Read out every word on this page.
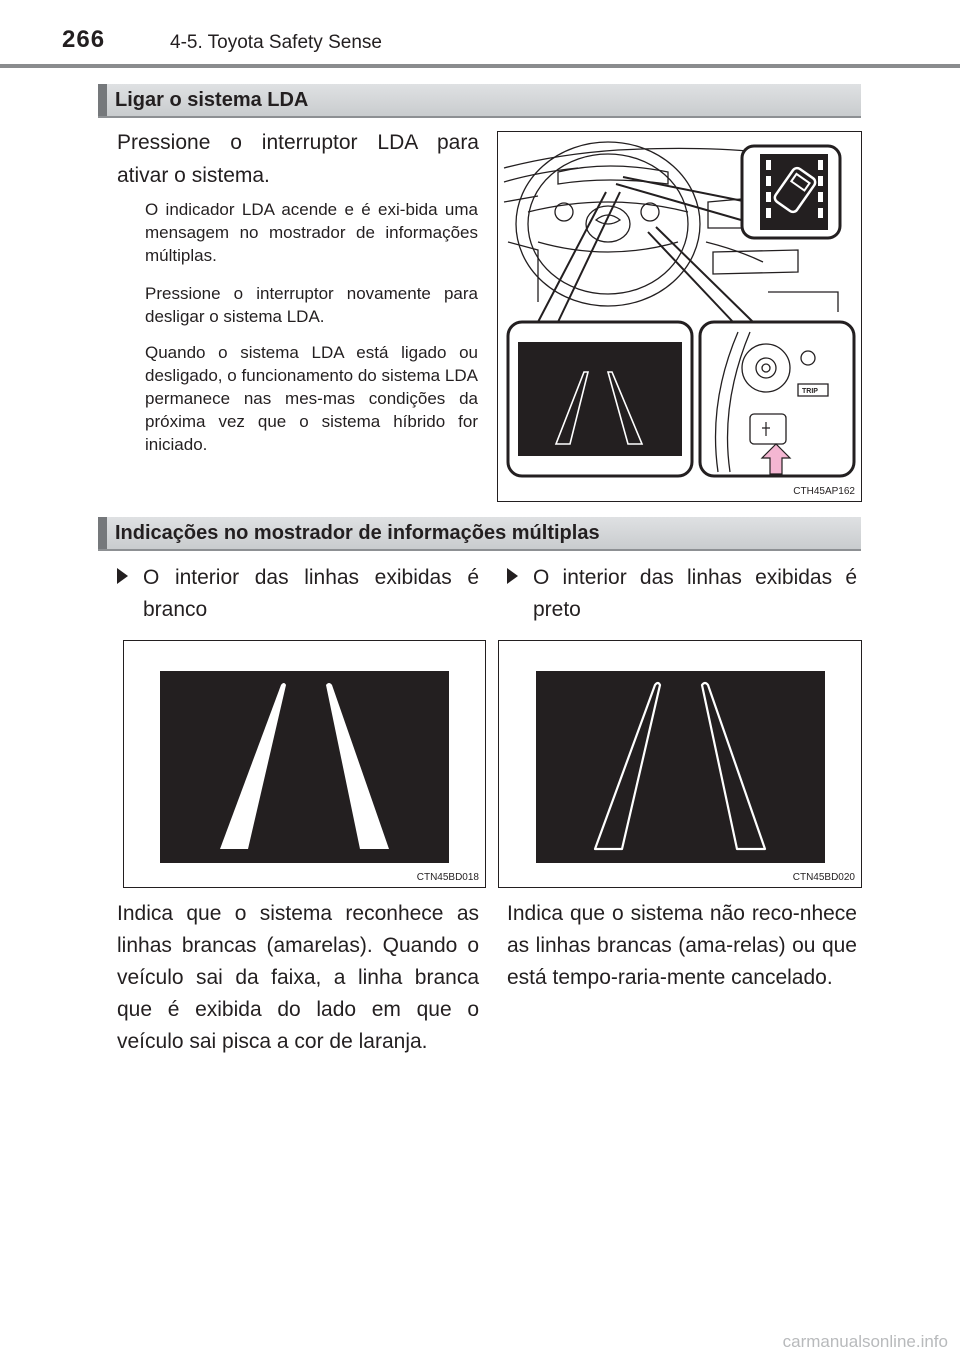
266	4-5. Toyota Safety Sense
Ligar o sistema LDA

Pressione o interruptor LDA para ativar o sistema.

O indicador LDA acende e é exi-bida uma mensagem no mostrador de informações múltiplas.

Pressione o interruptor novamente para desligar o sistema LDA.

Quando o sistema LDA está ligado ou desligado, o funcionamento do sistema LDA permanece nas mes-mas condições da próxima vez que o sistema híbrido for iniciado.

TRIP
CTH45AP162
Indicações no mostrador de informações múltiplas
O interior das linhas exibidas é branco
O interior das linhas exibidas é preto
CTN45BD018	CTN45BD020

Indica que o sistema reconhece as linhas brancas (amarelas). Quando o veículo sai da faixa, a linha branca que é exibida do lado em que o veículo sai pisca a cor de laranja.

Indica que o sistema não reco-nhece as linhas brancas (ama-relas) ou que está tempo-raria-mente cancelado.

carmanualsonline.info
